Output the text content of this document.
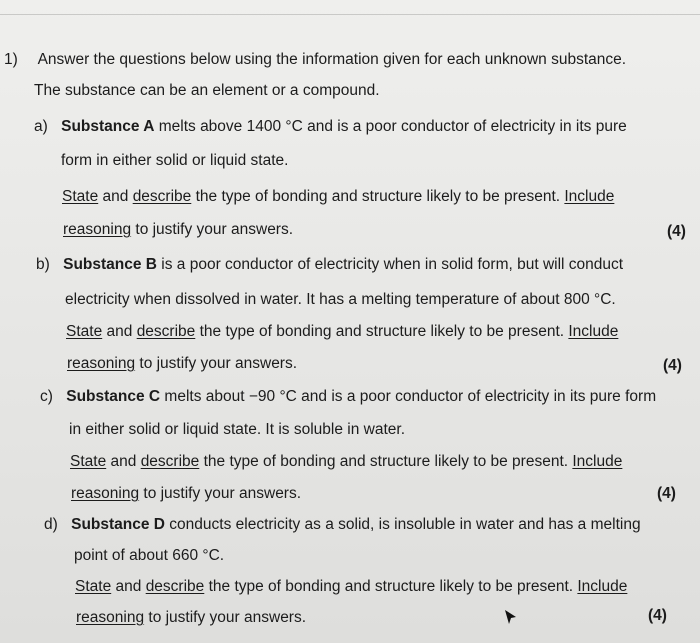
1) Answer the questions below using the information given for each unknown substance.
The substance can be an element or a compound.
a) Substance A melts above 1400 °C and is a poor conductor of electricity in its pure
form in either solid or liquid state.
State and describe the type of bonding and structure likely to be present. Include
reasoning to justify your answers.	(4)
b) Substance B is a poor conductor of electricity when in solid form, but will conduct
electricity when dissolved in water. It has a melting temperature of about 800 °C.
State and describe the type of bonding and structure likely to be present. Include
reasoning to justify your answers.	(4)
c) Substance C melts about −90 °C and is a poor conductor of electricity in its pure form
in either solid or liquid state. It is soluble in water.
State and describe the type of bonding and structure likely to be present. Include
reasoning to justify your answers.	(4)
d) Substance D conducts electricity as a solid, is insoluble in water and has a melting
point of about 660 °C.
State and describe the type of bonding and structure likely to be present. Include
reasoning to justify your answers.	(4)
